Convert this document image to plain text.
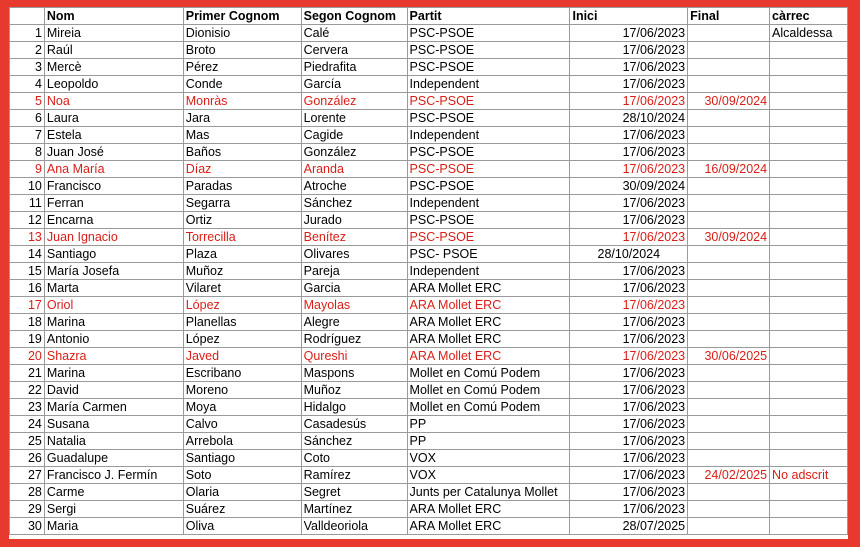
	Nom	Primer Cognom	Segon Cognom	Partit	Inici	Final	càrrec
1	Mireia	Dionisio	Calé	PSC-PSOE	17/06/2023		Alcaldessa
2	Raúl	Broto	Cervera	PSC-PSOE	17/06/2023		
3	Mercè	Pérez	Piedrafita	PSC-PSOE	17/06/2023		
4	Leopoldo	Conde	García	Independent	17/06/2023		
5	Noa	Monràs	González	PSC-PSOE	17/06/2023	30/09/2024	
6	Laura	Jara	Lorente	PSC-PSOE	28/10/2024		
7	Estela	Mas	Cagide	Independent	17/06/2023		
8	Juan José	Baños	González	PSC-PSOE	17/06/2023		
9	Ana María	Díaz	Aranda	PSC-PSOE	17/06/2023	16/09/2024	
10	Francisco	Paradas	Atroche	PSC-PSOE	30/09/2024		
11	Ferran	Segarra	Sánchez	Independent	17/06/2023		
12	Encarna	Ortiz	Jurado	PSC-PSOE	17/06/2023		
13	Juan Ignacio	Torrecilla	Benítez	PSC-PSOE	17/06/2023	30/09/2024	
14	Santiago	Plaza	Olivares	PSC- PSOE	28/10/2024		
15	María Josefa	Muñoz	Pareja	Independent	17/06/2023		
16	Marta	Vilaret	Garcia	ARA Mollet ERC	17/06/2023		
17	Oriol	López	Mayolas	ARA Mollet ERC	17/06/2023		
18	Marina	Planellas	Alegre	ARA Mollet ERC	17/06/2023		
19	Antonio	López	Rodríguez	ARA Mollet ERC	17/06/2023		
20	Shazra	Javed	Qureshi	ARA Mollet ERC	17/06/2023	30/06/2025	
21	Marina	Escribano	Maspons	Mollet en Comú Podem	17/06/2023		
22	David	Moreno	Muñoz	Mollet en Comú Podem	17/06/2023		
23	María Carmen	Moya	Hidalgo	Mollet en Comú Podem	17/06/2023		
24	Susana	Calvo	Casadesús	PP	17/06/2023		
25	Natalia	Arrebola	Sánchez	PP	17/06/2023		
26	Guadalupe	Santiago	Coto	VOX	17/06/2023		
27	Francisco J. Fermín	Soto	Ramírez	VOX	17/06/2023	24/02/2025	No adscrit
28	Carme	Olaria	Segret	Junts per Catalunya Mollet	17/06/2023		
29	Sergi	Suárez	Martínez	ARA Mollet ERC	17/06/2023		
30	Maria	Oliva	Valldeoriola	ARA Mollet ERC	28/07/2025		
